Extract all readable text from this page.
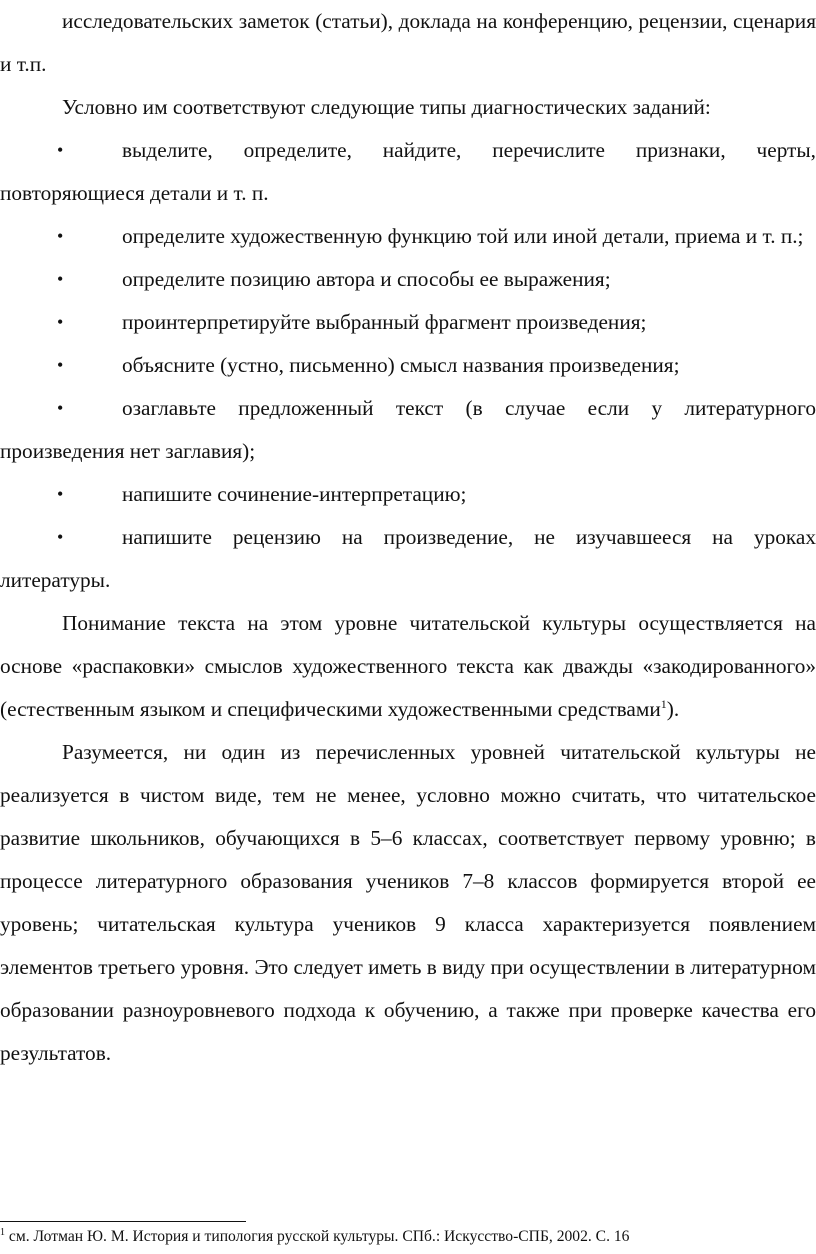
исследовательских заметок (статьи), доклада на конференцию, рецензии, сценария и т.п.

Условно им соответствуют следующие типы диагностических заданий:

•	выделите, определите, найдите, перечислите признаки, черты, повторяющиеся детали и т. п.

•	определите художественную функцию той или иной детали, приема и т. п.;

•	определите позицию автора и способы ее выражения;

•	проинтерпретируйте выбранный фрагмент произведения;

•	объясните (устно, письменно) смысл названия произведения;

•	озаглавьте предложенный текст (в случае если у литературного произведения нет заглавия);

•	напишите сочинение-интерпретацию;

•	напишите рецензию на произведение, не изучавшееся на уроках литературы.

Понимание текста на этом уровне читательской культуры осуществляется на основе «распаковки» смыслов художественного текста как дважды «закодированного» (естественным языком и специфическими художественными средствами$^1$).

Разумеется, ни один из перечисленных уровней читательской культуры не реализуется в чистом виде, тем не менее, условно можно считать, что читательское развитие школьников, обучающихся в 5–6 классах, соответствует первому уровню; в процессе литературного образования учеников 7–8 классов формируется второй ее уровень; читательская культура учеников 9 класса характеризуется появлением элементов третьего уровня. Это следует иметь в виду при осуществлении в литературном образовании разноуровневого подхода к обучению, а также при проверке качества его результатов.

$^1$ см. Лотман Ю. М. История и типология русской культуры. СПб.: Искусство-СПБ, 2002. С. 16
